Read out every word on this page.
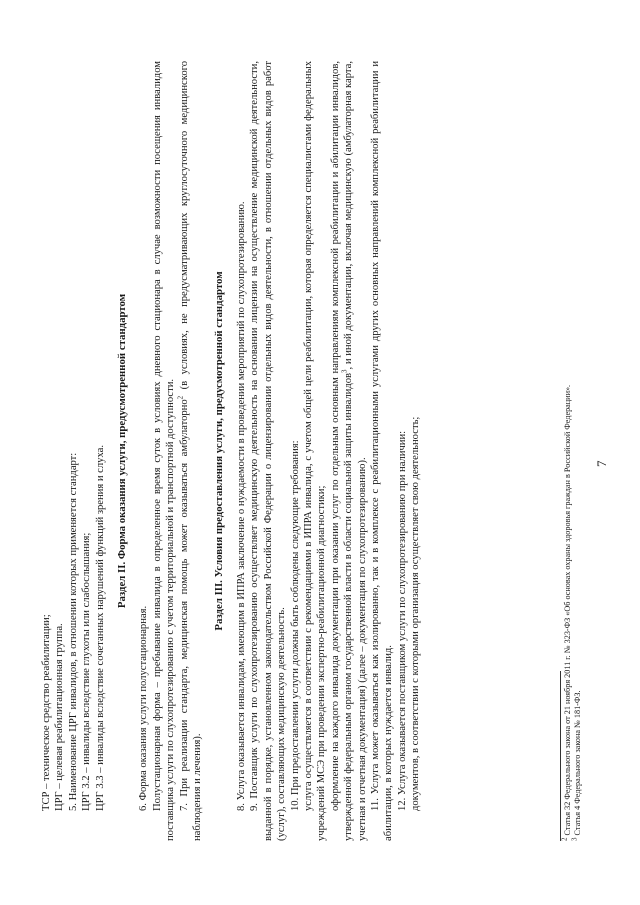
7

ТСР – техническое средство реабилитации; ЦРГ – целевая реабилитационная группа. 5. Наименование ЦРГ инвалидов, в отношении которых применяется стандарт: ЦРГ 3.2 – инвалиды вследствие глухоты или слабослышания; ЦРГ 3.3 – инвалиды вследствие сочетанных нарушений функций зрения и слуха. Раздел II. Форма оказания услуги, предусмотренной стандартом

6. Форма оказания услуги полустационарная. Полустационарная форма – пребывание инвалида в определенное время суток в условиях дневного стационара в случае возможности посещения инвалидом поставщика услуги по слухопротезированию с учетом территориальной и транспортной доступности. 7. При реализации стандарта, медицинская помощь может оказываться амбулаторно$^2$ (в условиях, не предусматривающих круглосуточного медицинского наблюдения и лечения).

Раздел III. Условия предоставления услуги, предусмотренной стандартом 8. Услуга оказывается инвалидам, имеющим в ИПРА заключение о нуждаемости в проведении мероприятий по слухопротезированию. 9. Поставщик услуги по слухопротезированию осуществляет медицинскую деятельность на основании лицензии на осуществление медицинской деятельности, выданной в порядке, установленном законодательством Российской Федерации о лицензировании отдельных видов деятельности, в отношении отдельных видов работ (услуг), составляющих медицинскую деятельность. 10. При предоставлении услуги должны быть соблюдены следующие требования: услуга осуществляется в соответствии с рекомендациями в ИПРА инвалида, с учетом общей цели реабилитации, которая определяется специалистами федеральных учреждений МСЭ при проведении экспертно-реабилитационной диагностики; оформление на каждого инвалида документации при оказании услуг по отдельным основным направлениям комплексной реабилитации и абилитации инвалидов, утвержденной федеральным органом государственной власти в области социальной защиты инвалидов$^3$, и иной документации, включая медицинскую (амбулаторная карта, учетная и отчетная документация) (далее – документация по слухопротезированию). 11. Услуга может оказываться как изолированно, так и в комплексе с реабилитационными услугами других основных направлений комплексной реабилитации и абилитации, в которых нуждается инвалид. 12. Услуга оказывается поставщиком услуги по слухопротезированию при наличии: документов, в соответствии с которыми организация осуществляет свою деятельность;

$^2$ Статья 32 Федерального закона от 21 ноября 2011 г. № 323-ФЗ «Об основах охраны здоровья граждан в Российской Федерации».

$^3$ Статья 4 Федерального закона № 181-ФЗ.
